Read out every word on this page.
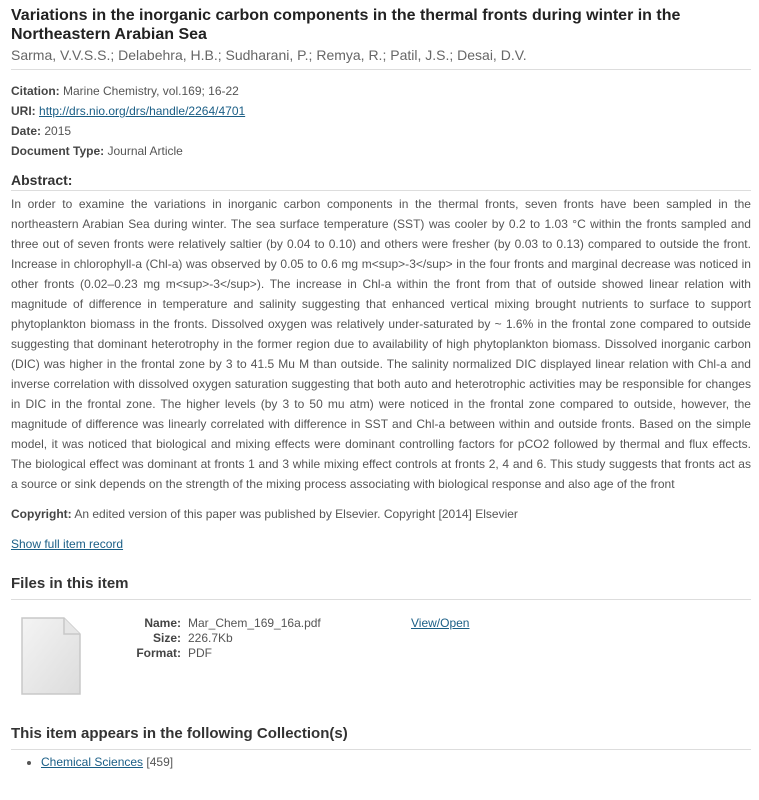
Variations in the inorganic carbon components in the thermal fronts during winter in the Northeastern Arabian Sea
Sarma, V.V.S.S.; Delabehra, H.B.; Sudharani, P.; Remya, R.; Patil, J.S.; Desai, D.V.
Citation: Marine Chemistry, vol.169; 16-22
URI: http://drs.nio.org/drs/handle/2264/4701
Date: 2015
Document Type: Journal Article
Abstract:
In order to examine the variations in inorganic carbon components in the thermal fronts, seven fronts have been sampled in the northeastern Arabian Sea during winter. The sea surface temperature (SST) was cooler by 0.2 to 1.03 °C within the fronts sampled and three out of seven fronts were relatively saltier (by 0.04 to 0.10) and others were fresher (by 0.03 to 0.13) compared to outside the front. Increase in chlorophyll-a (Chl-a) was observed by 0.05 to 0.6 mg m<sup>-3</sup> in the four fronts and marginal decrease was noticed in other fronts (0.02–0.23 mg m<sup>-3</sup>). The increase in Chl-a within the front from that of outside showed linear relation with magnitude of difference in temperature and salinity suggesting that enhanced vertical mixing brought nutrients to surface to support phytoplankton biomass in the fronts. Dissolved oxygen was relatively under-saturated by ~ 1.6% in the frontal zone compared to outside suggesting that dominant heterotrophy in the former region due to availability of high phytoplankton biomass. Dissolved inorganic carbon (DIC) was higher in the frontal zone by 3 to 41.5 Mu M than outside. The salinity normalized DIC displayed linear relation with Chl-a and inverse correlation with dissolved oxygen saturation suggesting that both auto and heterotrophic activities may be responsible for changes in DIC in the frontal zone. The higher levels (by 3 to 50 mu atm) were noticed in the frontal zone compared to outside, however, the magnitude of difference was linearly correlated with difference in SST and Chl-a between within and outside fronts. Based on the simple model, it was noticed that biological and mixing effects were dominant controlling factors for pCO2 followed by thermal and flux effects. The biological effect was dominant at fronts 1 and 3 while mixing effect controls at fronts 2, 4 and 6. This study suggests that fronts act as a source or sink depends on the strength of the mixing process associating with biological response and also age of the front
Copyright: An edited version of this paper was published by Elsevier. Copyright [2014] Elsevier
Show full item record
Files in this item
Name: Mar_Chem_169_16a.pdf
Size: 226.7Kb
Format: PDF
View/Open
This item appears in the following Collection(s)
• Chemical Sciences [459]
